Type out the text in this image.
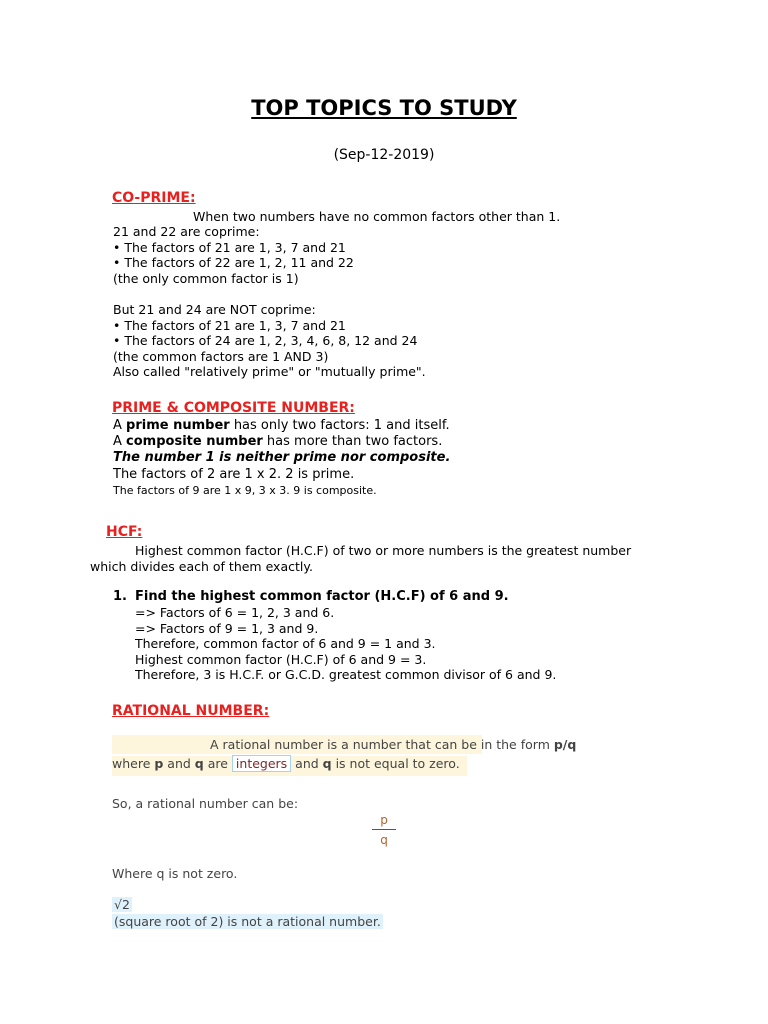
TOP TOPICS TO STUDY
(Sep-12-2019)
CO-PRIME:
When two numbers have no common factors other than 1.
21 and 22 are coprime:
• The factors of 21 are 1, 3, 7 and 21
• The factors of 22 are 1, 2, 11 and 22
(the only common factor is 1)
But 21 and 24 are NOT coprime:
• The factors of 21 are 1, 3, 7 and 21
• The factors of 24 are 1, 2, 3, 4, 6, 8, 12 and 24
(the common factors are 1 AND 3)
Also called "relatively prime" or "mutually prime".
PRIME & COMPOSITE NUMBER:
A prime number has only two factors: 1 and itself.
A composite number has more than two factors.
The number 1 is neither prime nor composite.
The factors of 2 are 1 x 2. 2 is prime.
The factors of 9 are 1 x 9, 3 x 3. 9 is composite.
HCF:
Highest common factor (H.C.F) of two or more numbers is the greatest number
which divides each of them exactly.
1. Find the highest common factor (H.C.F) of 6 and 9.
=> Factors of 6 = 1, 2, 3 and 6.
=> Factors of 9 = 1, 3 and 9.
Therefore, common factor of 6 and 9 = 1 and 3.
Highest common factor (H.C.F) of 6 and 9 = 3.
Therefore, 3 is H.C.F. or G.C.D. greatest common divisor of 6 and 9.
RATIONAL NUMBER:
A rational number is a number that can be in the form p/q
where p and q are integers and q is not equal to zero.
So, a rational number can be:
p
q
Where q is not zero.
√2
(square root of 2) is not a rational number.
